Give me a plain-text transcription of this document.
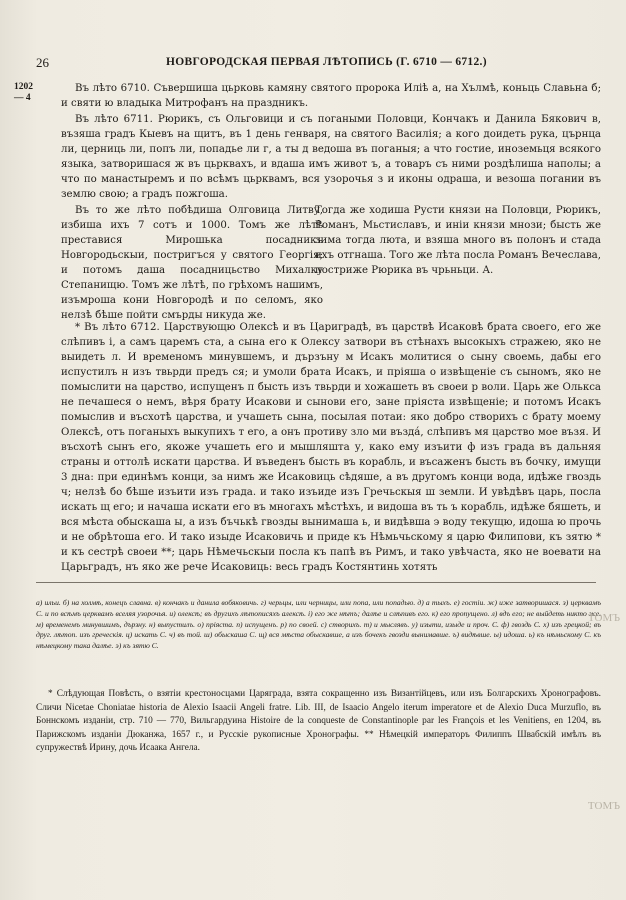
26	НОВГОРОДСКАЯ ПЕРВАЯ ЛѢТОПИСЬ (Г. 6710 — 6712.)
1202
— 4
Въ лѣто 6710. Съвершиша цьрковь камяну святого пророка Илiѣ а, на Хълмѣ, коньць Славьна б; и святи ю владыка Митрофанъ на праздникъ.
Въ лѣто 6711. Рюрикъ, съ Ольговици и съ погаными Половци, Кончакъ и Данила Бякович в, възяша градъ Кыевъ на щитъ, въ 1 день генваря, на святого Василiя; а кого доидеть рука, църнца ли, церниць ли, попъ ли, попадье ли г, а ты д ведоша въ поганыя; а что гостие, иноземьця всякого языка, затворишася ж въ цьрквахъ, и вдаша имъ живот ъ, а товаръ съ ними роздѣлиша наполы; а что по манастыремъ и по всѣмъ цьрквамъ, вся узорочья з и иконы одраша, и везоша погании въ землю свою; а градъ пожгоша.
Въ то же лѣто побѣдиша Олговица Литву, избиша ихъ 7 сотъ и 1000. Томъ же лѣтѣ преставися Мирошька посадникъ Новгородьскыи, постригъся у святого Георгiя; и потомъ даша посадницьство Михалку Степанищю. Томъ же лѣтѣ, по грѣхомъ нашимъ, изъмроша кони Новгородѣ и по селомъ, яко нелзѣ бѣше пойти смърды никуда же.
Тогда же ходиша Русти князи на Половци, Рюрикъ, Романъ, Мьстиславъ, и инiи князи мнози; бысть же зима тогда люта, и взяша много въ полонъ и стада ихъ отгнаша. Того же лѣта посла Романъ Вечеслава, постриже Рюрика въ чрьньци. А.
* Въ лѣто 6712. Царствующю Олексѣ и въ Цариградѣ, въ царствѣ Исаковѣ брата своего, его же слѣпивъ і, а самъ царемъ ста, а сына его к Олексу затвори въ стѣнахъ высокыхъ стражею, яко не выидеть л. И временомъ минувшемъ, и дързъну м Исакъ молитися о сыну своемь, дабы его испустилъ н изъ твьрди предъ ся; и умоли брата Исакъ, и прiяша о извѣщенiе съ сыномъ, яко не помыслити на царство, испущенъ п бысть изъ твьрди и хожашеть въ своеи р воли. Царь же Олькса не печашеся о немъ, вѣря брату Исакови и сынови его, зане прiяста извѣщенiе; и потомъ Исакъ помыслив и въсхотѣ царства, и учашеть сына, посылая потаи: яко добро створихъ с брату моему Олексѣ, отъ поганыхъ выкупихъ т его, а онъ противу зло ми въздá, слѣпивъ мя царство мое възя. И въсхотѣ сынъ его, якоже учашеть его и мышляшта у, како ему изъити ф изъ града въ дальняя страны и оттолѣ искати царства. И въведенъ бысть въ корабль, и въсаженъ бысть въ бочку, имущи 3 дна: при единѣмъ конци, за нимъ же Исаковиць сѣдяше, а въ другомъ конци вода, идѣже гвоздь ч; нелзѣ бо бѣше изъити изъ града. и тако изъиде изъ Гречьскыя ш земли. И увѣдѣвъ царь, посла искать щ его; и начаша искати его въ многахъ мѣстѣхъ, и видоша въ ть ъ корабль, идѣже бяшеть, и вся мѣста обыскаша ы, а изъ бъчькѣ гвозды вынимаша ь, и видѣвша э воду текущю, идоша ю прочь и не обрѣтоша его. И тако изыде Исаковичь и приде къ Нѣмьчьскому я царю Филипови, къ зятю * и къ сестрѣ своеи **; царь Нѣмечьскыи посла къ папѣ въ Римъ, и тако увѣчаста, яко не воевати на Царьградъ, нъ яко же рече Исаковиць: весь градъ Костянтинь хотять
а) ильи. б) на холмѣ, конецъ славна. в) кончакъ и данила вобяковичь. г) черьцы, или черницы, или попа, или попадью. д) а тыхъ. е) гостіи. ж) иже затворишася. з) церквамъ С. и по всѣмъ церквамъ вселяя узорочья. и) олексѣ; въ другихъ лѣтописяхъ алексѣ. і) его же нѣтъ; далѣе и слѣпивъ его. к) его пропущено. л) вдъ его; не выйдеть никто же. м) временемъ минувшимъ, дързну. н) выпустилъ. о) прiяста. п) испущенъ. р) по своей. с) створихъ. т) и мыслявъ. у) изыти, изыде и проч. С. ф) гвоздь С. х) изъ грецкой; въ друг. лѣтоп. изъ греческія. ц) искать С. ч) въ той. ш) обыскаша С. щ) вся мѣста обыскавше, а изъ бочекъ гвозди вынимавше. ъ) видѣвше. ы) идоша. ь) къ нѣмьскому С. къ нѣмецкому така далѣе. э) къ зятю С.
* Слѣдующая Повѣсть, о взятіи крестоносцами Царяграда, взята сокращенно изъ Византійцевъ, или изъ Болгарскихъ Хронографовъ. Сличи Nicetae Choniatae historia de Alexio Isaacii Angeli fratre. Lib. III, de Isaacio Angelo iterum imperatore et de Alexio Duca Murzuflo, въ Боннскомъ изданіи, стр. 710 — 770, Вильгардуина Histoire de la conqueste de Constantinople par les François et les Venitiens, en 1204, въ Парижскомъ изданіи Дюканжа, 1657 г., и Русскіе рукописные Хронографы. ** Нѣмецкій императоръ Филиппъ Швабскій имѣлъ въ супружествѣ Ирину, дочь Исаака Ангела.
ТОМЪ
ТОМЪ
